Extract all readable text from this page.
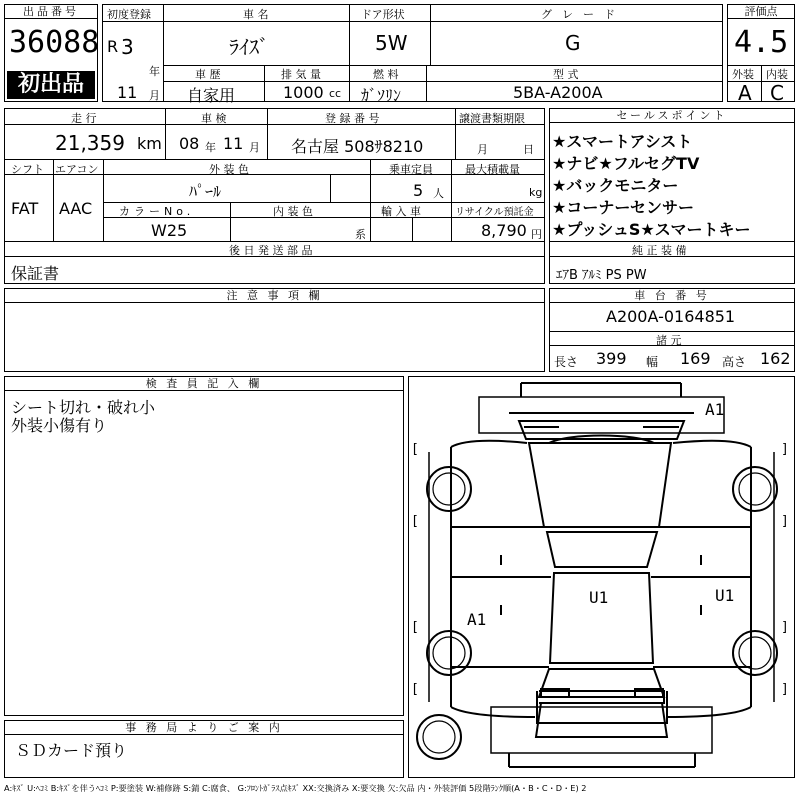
出品番号
36088
初出品
初度登録
R 3
年
11 月
車 名
ﾗｲｽﾞ
ドア形状
5W
グレード
G
車 歴
自家用
排 気 量
1000 cc
燃 料
ｶﾞｿﾘﾝ
型 式
5BA-A200A
評価点
4.5
外装 内装
A C
走 行
21,359 km
車 検
08 年 11 月
登 録 番 号
名古屋 508ｻ8210
譲渡書類期限
月	日
シフト
FAT
エアコン
AAC
外 装 色
ﾊﾟｰﾙ
乗車定員
5 人
最大積載量
kg
カラーNo.
W25
内 装 色
系
輸 入 車	リサイクル預託金
8,790 円
後 日 発 送 部 品
保証書
セールスポイント
★スマートアシスト
★ナビ★フルセグTV
★バックモニター
★コーナーセンサー
★プッシュS★スマートキー
純 正 装 備
ｴｱB ｱﾙﾐ PS PW
注 意 事 項 欄	車 台 番 号
A200A-0164851
諸 元
長さ 399 幅 169 高さ 162
検 査 員 記 入 欄
シート切れ・破れ小
外装小傷有り
事 務 局 よ り ご 案 内
ＳＤカード預り
[	]
[	]
[	]
[	]
A1
A1
U1	U1
A:ｷｽﾞ U:ﾍｺﾐ B:ｷｽﾞを伴うﾍｺﾐ P:要塗装 W:補修跡 S:錆 C:腐食、 G:ﾌﾛﾝﾄｶﾞﾗｽ点ｷｽﾞ XX:交換済み X:要交換 欠:欠品 内・外装評価 5段階ﾗﾝｸ順(A・B・C・D・E) 2
